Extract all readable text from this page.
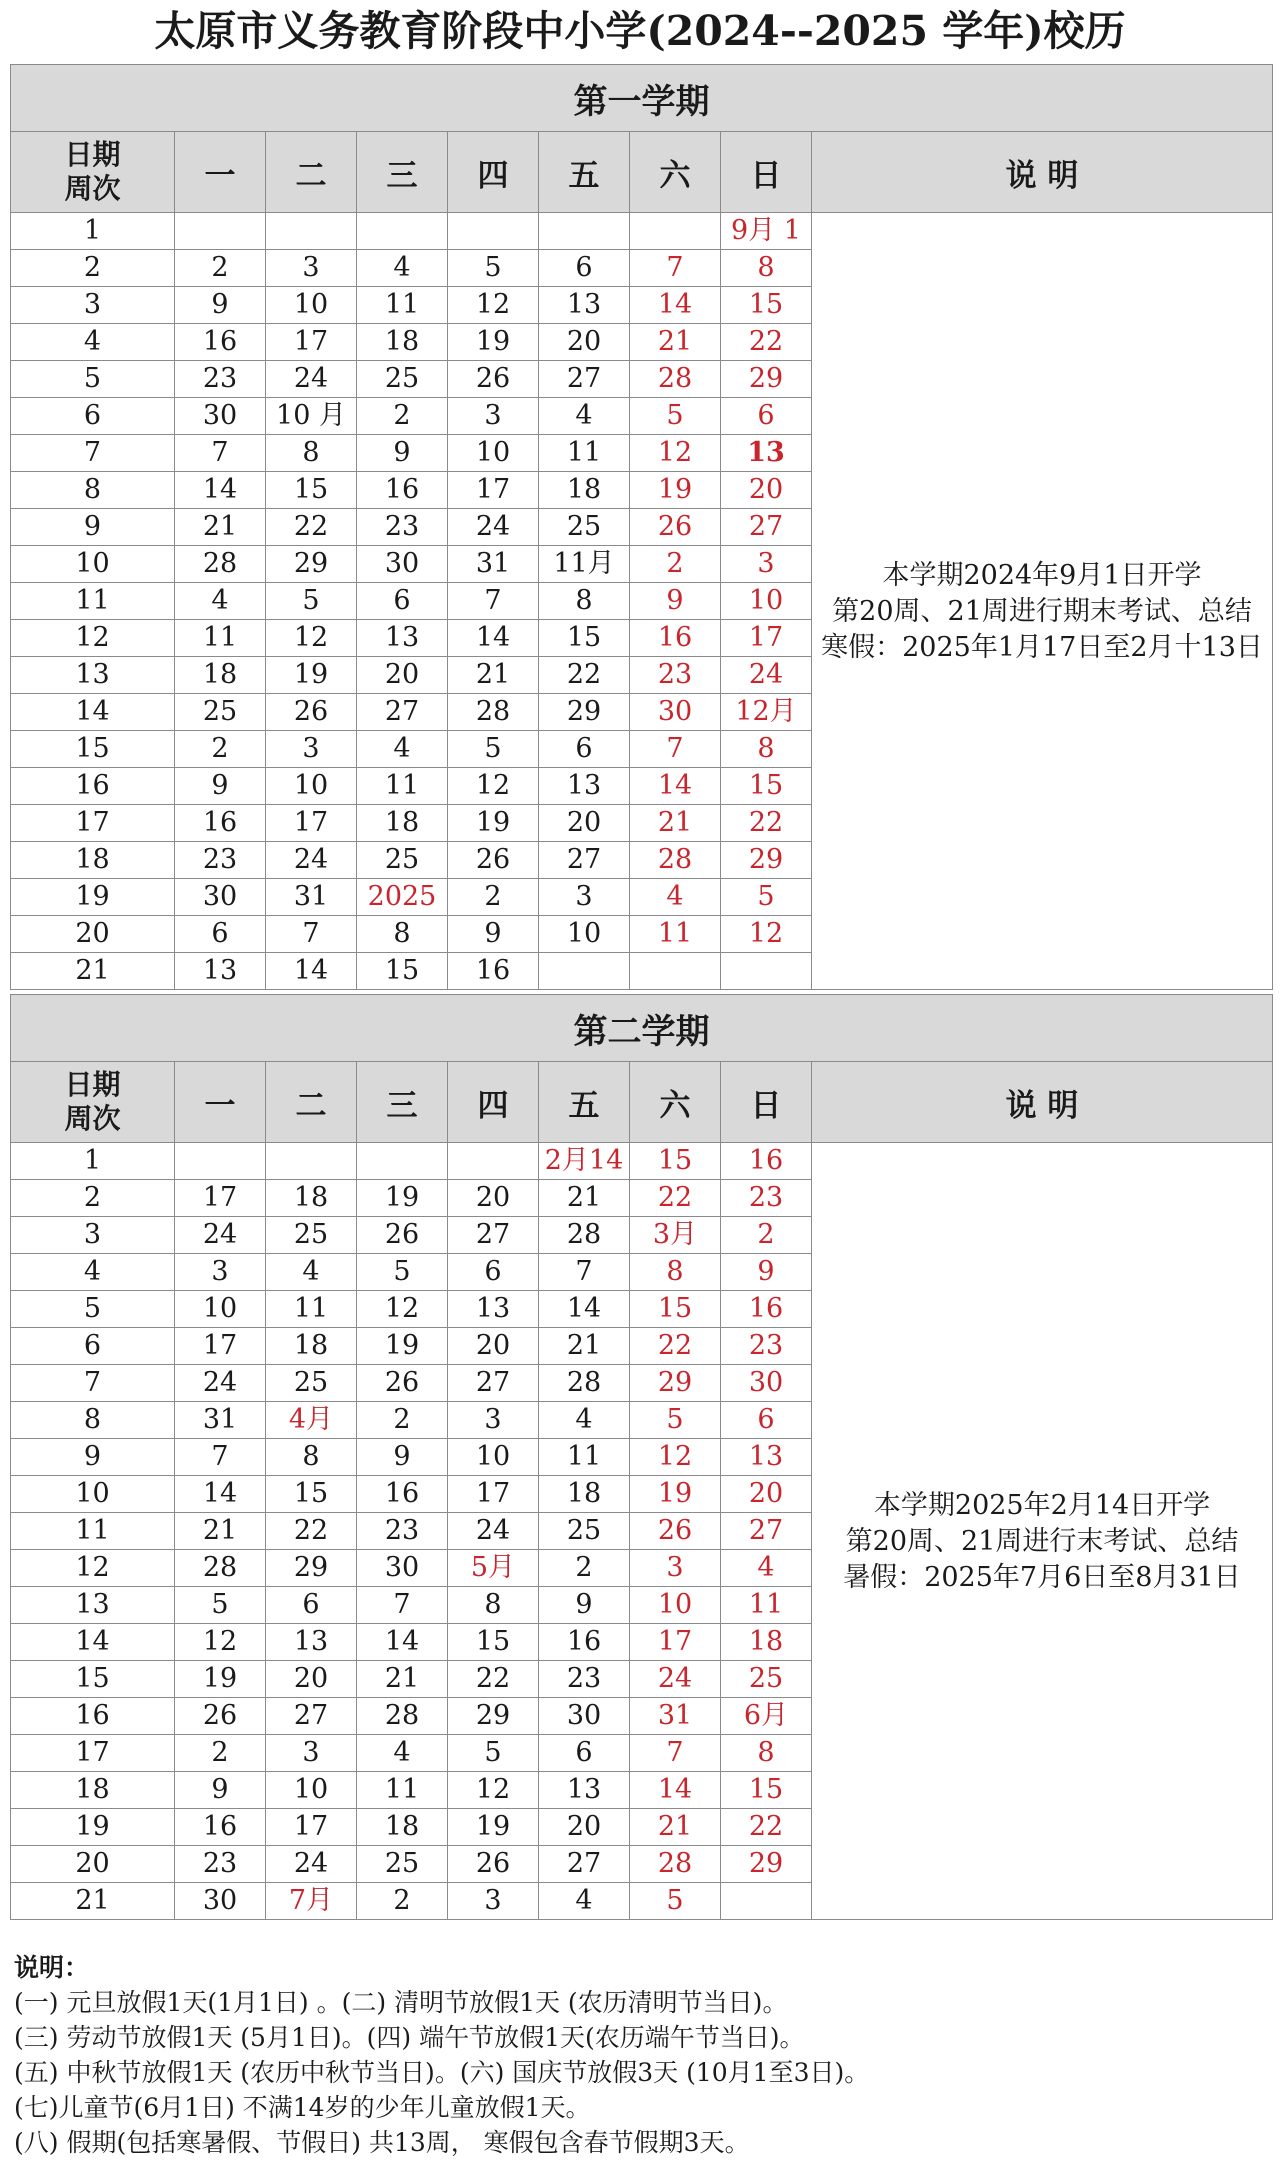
太原市义务教育阶段中小学(2024--2025 学年)校历
第一学期								
日期
周次	一	二	三	四	五	六	日	说 明
1							9月 1	本学期2024年9月1日开学
第20周、21周进行期末考试、总结
寒假：2025年1月17日至2月十13日

2	2	3	4	5	6	7	8	
3	9	10	11	12	13	14	15	
4	16	17	18	19	20	21	22	
5	23	24	25	26	27	28	29	
6	30	10 月	2	3	4	5	6	
7	7	8	9	10	11	12	13	
8	14	15	16	17	18	19	20	
9	21	22	23	24	25	26	27	
10	28	29	30	31	11月	2	3	
11	4	5	6	7	8	9	10	
12	11	12	13	14	15	16	17	
13	18	19	20	21	22	23	24	
14	25	26	27	28	29	30	12月	
15	2	3	4	5	6	7	8	
16	9	10	11	12	13	14	15	
17	16	17	18	19	20	21	22	
18	23	24	25	26	27	28	29	
19	30	31	2025	2	3	4	5	
20	6	7	8	9	10	11	12	
21	13	14	15	16				
第二学期								
日期
周次	一	二	三	四	五	六	日	说 明
1					2月14	15	16	本学期2025年2月14日开学
第20周、21周进行末考试、总结
暑假：2025年7月6日至8月31日

2	17	18	19	20	21	22	23	
3	24	25	26	27	28	3月	2	
4	3	4	5	6	7	8	9	
5	10	11	12	13	14	15	16	
6	17	18	19	20	21	22	23	
7	24	25	26	27	28	29	30	
8	31	4月	2	3	4	5	6	
9	7	8	9	10	11	12	13	
10	14	15	16	17	18	19	20	
11	21	22	23	24	25	26	27	
12	28	29	30	5月	2	3	4	
13	5	6	7	8	9	10	11	
14	12	13	14	15	16	17	18	
15	19	20	21	22	23	24	25	
16	26	27	28	29	30	31	6月	
17	2	3	4	5	6	7	8	
18	9	10	11	12	13	14	15	
19	16	17	18	19	20	21	22	
20	23	24	25	26	27	28	29	
21	30	7月	2	3	4	5		
说明：
(一) 元旦放假1天(1月1日) 。(二) 清明节放假1天 (农历清明节当日)。
(三) 劳动节放假1天 (5月1日)。(四) 端午节放假1天(农历端午节当日)。
(五) 中秋节放假1天 (农历中秋节当日)。(六) 国庆节放假3天 (10月1至3日)。
(七)儿童节(6月1日) 不满14岁的少年儿童放假1天。
(八) 假期(包括寒暑假、节假日) 共13周， 寒假包含春节假期3天。
